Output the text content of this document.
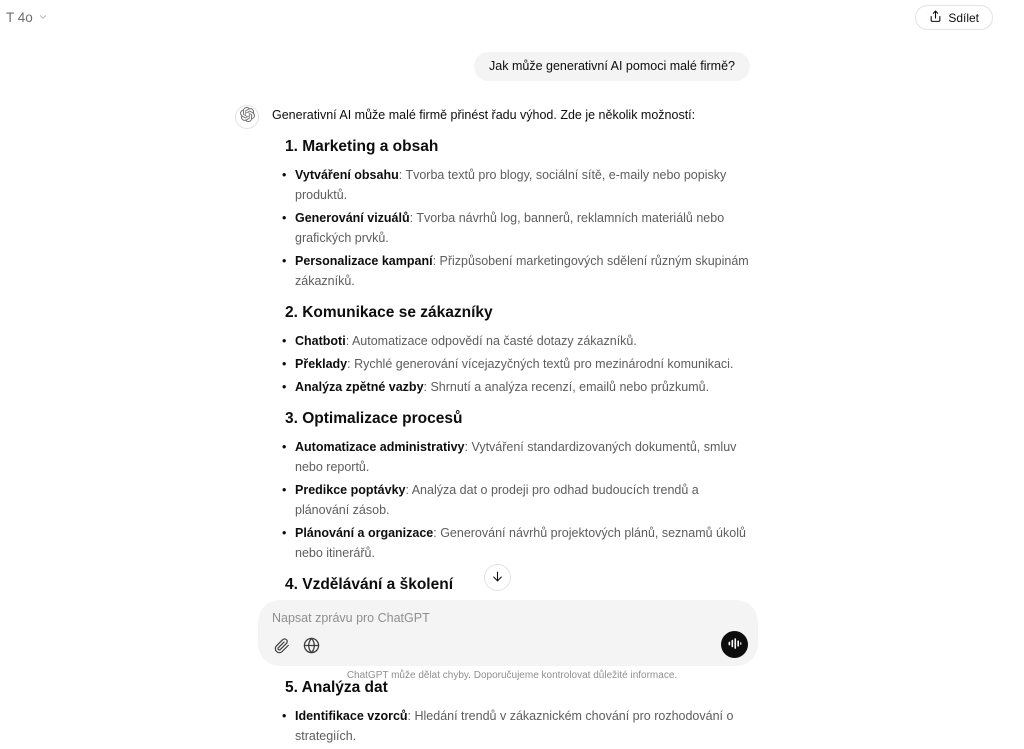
T 4o	Sdílet
Jak může generativní AI pomoci malé firmě?

Generativní AI může malé firmě přinést řadu výhod. Zde je několik možností:

1. Marketing a obsah
• Vytváření obsahu: Tvorba textů pro blogy, sociální sítě, e-maily nebo popisky produktů.
• Generování vizuálů: Tvorba návrhů log, bannerů, reklamních materiálů nebo grafických prvků.
• Personalizace kampaní: Přizpůsobení marketingových sdělení různým skupinám zákazníků.
2. Komunikace se zákazníky
• Chatboti: Automatizace odpovědí na časté dotazy zákazníků.
• Překlady: Rychlé generování vícejazyčných textů pro mezinárodní komunikaci.
• Analýza zpětné vazby: Shrnutí a analýza recenzí, emailů nebo průzkumů.
3. Optimalizace procesů
• Automatizace administrativy: Vytváření standardizovaných dokumentů, smluv nebo reportů.
• Predikce poptávky: Analýza dat o prodeji pro odhad budoucích trendů a plánování zásob.
• Plánování a organizace: Generování návrhů projektových plánů, seznamů úkolů nebo itinerářů.
4. Vzdělávání a školení
•
•
5. Analýza dat
• Identifikace vzorců: Hledání trendů v zákaznickém chování pro rozhodování o strategiích.
Napsat zprávu pro ChatGPT
ChatGPT může dělat chyby. Doporučujeme kontrolovat důležité informace.
